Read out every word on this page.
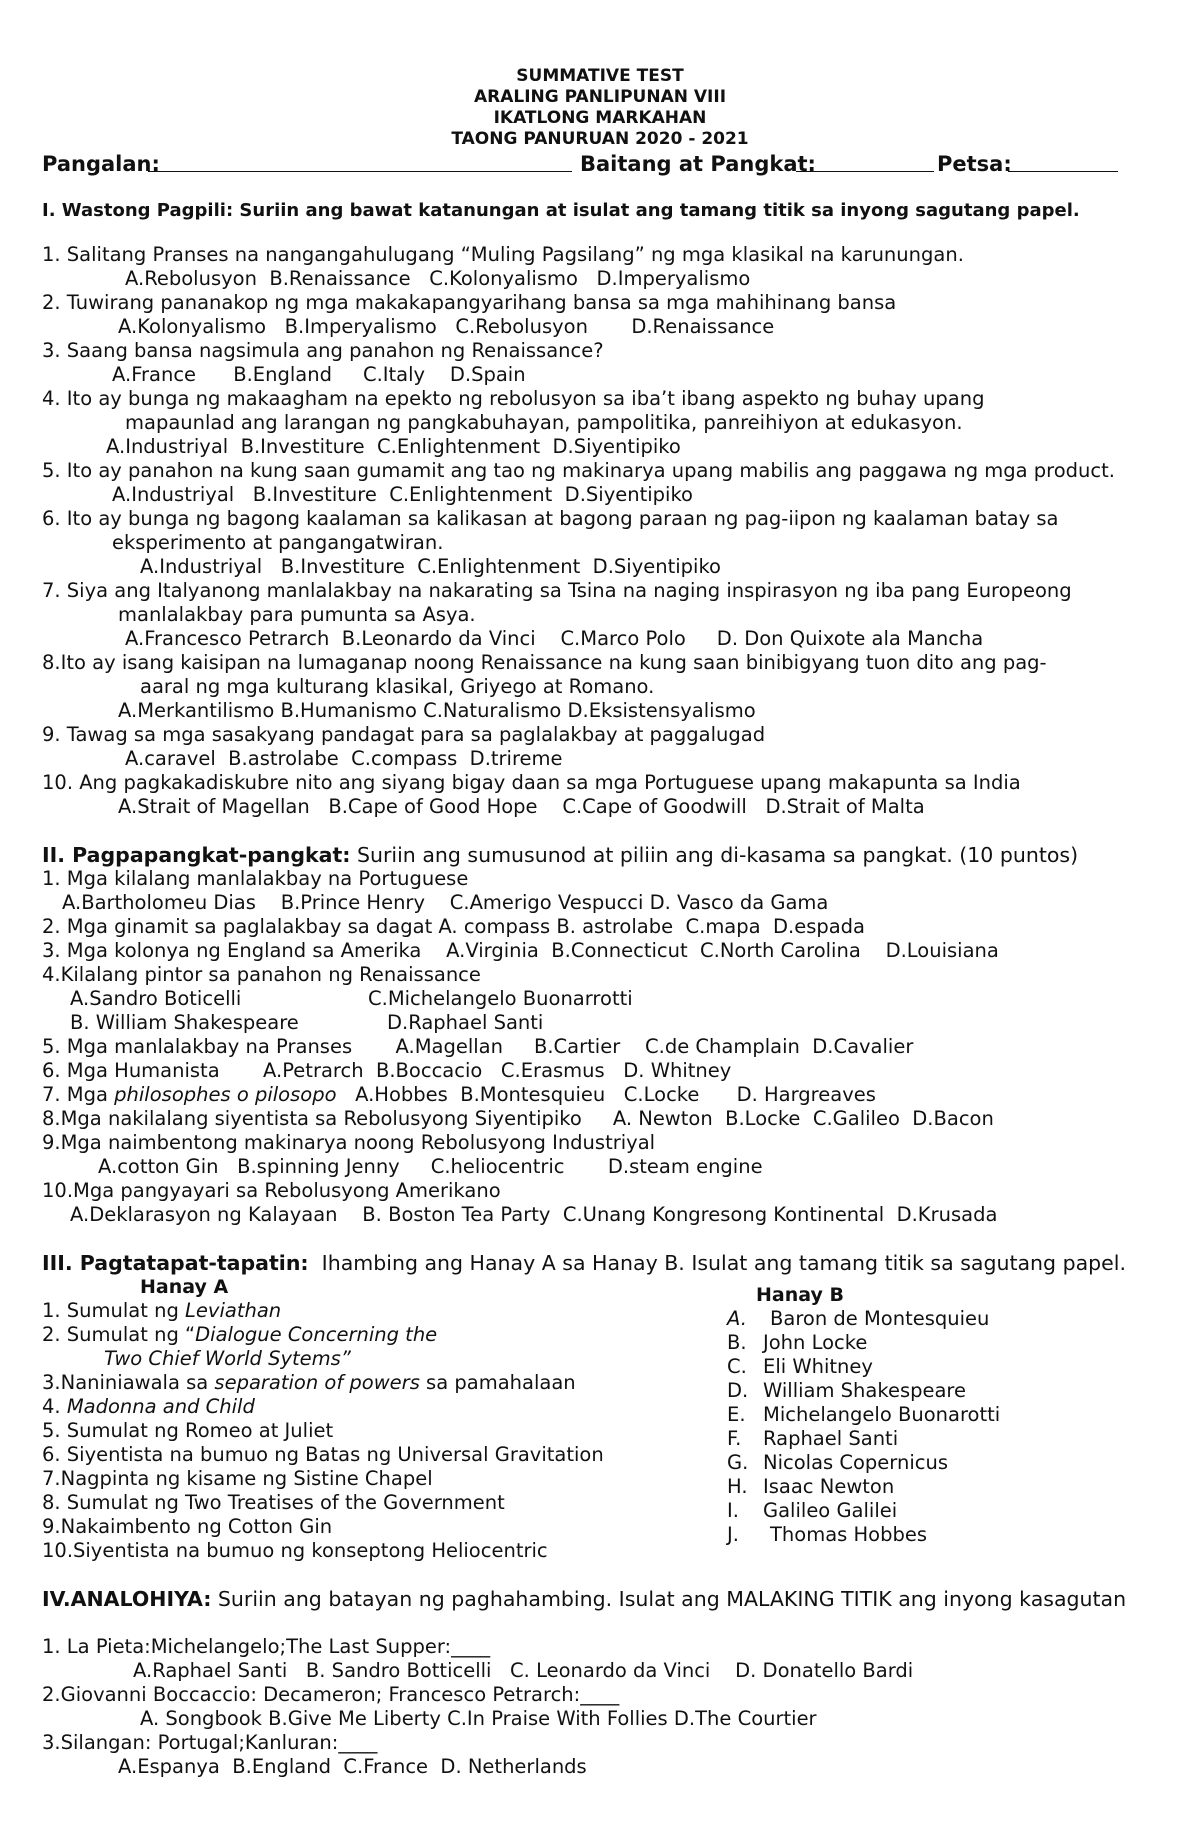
SUMMATIVE TEST
ARALING PANLIPUNAN VIII
IKATLONG MARKAHAN
TAONG PANURUAN 2020 - 2021
Pangalan:	Baitang at Pangkat:	Petsa:
I. Wastong Pagpili: Suriin ang bawat katanungan at isulat ang tamang titik sa inyong sagutang papel.
1. Salitang Pranses na nangangahulugang “Muling Pagsilang” ng mga klasikal na karunungan.
A.Rebolusyon  B.Renaissance   C.Kolonyalismo   D.Imperyalismo
2. Tuwirang pananakop ng mga makakapangyarihang bansa sa mga mahihinang bansa
A.Kolonyalismo   B.Imperyalismo   C.Rebolusyon       D.Renaissance
3. Saang bansa nagsimula ang panahon ng Renaissance?
A.France      B.England     C.Italy    D.Spain
4. Ito ay bunga ng makaagham na epekto ng rebolusyon sa iba’t ibang aspekto ng buhay upang
mapaunlad ang larangan ng pangkabuhayan, pampolitika, panreihiyon at edukasyon.
A.Industriyal  B.Investiture  C.Enlightenment  D.Siyentipiko
5. Ito ay panahon na kung saan gumamit ang tao ng makinarya upang mabilis ang paggawa ng mga product.
A.Industriyal   B.Investiture  C.Enlightenment  D.Siyentipiko
6. Ito ay bunga ng bagong kaalaman sa kalikasan at bagong paraan ng pag-iipon ng kaalaman batay sa
eksperimento at pangangatwiran.
A.Industriyal   B.Investiture  C.Enlightenment  D.Siyentipiko
7. Siya ang Italyanong manlalakbay na nakarating sa Tsina na naging inspirasyon ng iba pang Europeong
manlalakbay para pumunta sa Asya.
A.Francesco Petrarch  B.Leonardo da Vinci    C.Marco Polo     D. Don Quixote ala Mancha
8.Ito ay isang kaisipan na lumaganap noong Renaissance na kung saan binibigyang tuon dito ang pag-
aaral ng mga kulturang klasikal, Griyego at Romano.
A.Merkantilismo B.Humanismo C.Naturalismo D.Eksistensyalismo
9. Tawag sa mga sasakyang pandagat para sa paglalakbay at paggalugad
A.caravel  B.astrolabe  C.compass  D.trireme
10. Ang pagkakadiskubre nito ang siyang bigay daan sa mga Portuguese upang makapunta sa India
A.Strait of Magellan   B.Cape of Good Hope    C.Cape of Goodwill   D.Strait of Malta
II. Pagpapangkat-pangkat: Suriin ang sumusunod at piliin ang di-kasama sa pangkat. (10 puntos)
1. Mga kilalang manlalakbay na Portuguese
A.Bartholomeu Dias    B.Prince Henry    C.Amerigo Vespucci D. Vasco da Gama
2. Mga ginamit sa paglalakbay sa dagat A. compass B. astrolabe  C.mapa  D.espada
3. Mga kolonya ng England sa Amerika    A.Virginia  B.Connecticut  C.North Carolina    D.Louisiana
4.Kilalang pintor sa panahon ng Renaissance
A.Sandro Boticelli	C.Michelangelo Buonarrotti
B. William Shakespeare	D.Raphael Santi
5. Mga manlalakbay na Pranses       A.Magellan     B.Cartier    C.de Champlain  D.Cavalier
6. Mga Humanista       A.Petrarch  B.Boccacio   C.Erasmus   D. Whitney
7. Mga philosophes o pilosopo   A.Hobbes  B.Montesquieu   C.Locke      D. Hargreaves
8.Mga nakilalang siyentista sa Rebolusyong Siyentipiko     A. Newton  B.Locke  C.Galileo  D.Bacon
9.Mga naimbentong makinarya noong Rebolusyong Industriyal
A.cotton Gin   B.spinning Jenny     C.heliocentric       D.steam engine
10.Mga pangyayari sa Rebolusyong Amerikano
A.Deklarasyon ng Kalayaan    B. Boston Tea Party  C.Unang Kongresong Kontinental  D.Krusada
III. Pagtatapat-tapatin:  Ihambing ang Hanay A sa Hanay B. Isulat ang tamang titik sa sagutang papel.
Hanay A
1. Sumulat ng Leviathan
2. Sumulat ng “Dialogue Concerning the
Two Chief World Sytems”
3.Naniniawala sa separation of powers sa pamahalaan
4. Madonna and Child
5. Sumulat ng Romeo at Juliet
6. Siyentista na bumuo ng Batas ng Universal Gravitation
7.Nagpinta ng kisame ng Sistine Chapel
8. Sumulat ng Two Treatises of the Government
9.Nakaimbento ng Cotton Gin
10.Siyentista na bumuo ng konseptong Heliocentric
Hanay B
A. Baron de Montesquieu
B. John Locke
C. Eli Whitney
D. William Shakespeare
E. Michelangelo Buonarotti
F. Raphael Santi
G. Nicolas Copernicus
H. Isaac Newton
I. Galileo Galilei
J. Thomas Hobbes
IV.ANALOHIYA: Suriin ang batayan ng paghahambing. Isulat ang MALAKING TITIK ang inyong kasagutan
1. La Pieta:Michelangelo;The Last Supper:____
A.Raphael Santi   B. Sandro Botticelli   C. Leonardo da Vinci    D. Donatello Bardi
2.Giovanni Boccaccio: Decameron; Francesco Petrarch:____
A. Songbook B.Give Me Liberty C.In Praise With Follies D.The Courtier
3.Silangan: Portugal;Kanluran:____
A.Espanya  B.England  C.France  D. Netherlands
